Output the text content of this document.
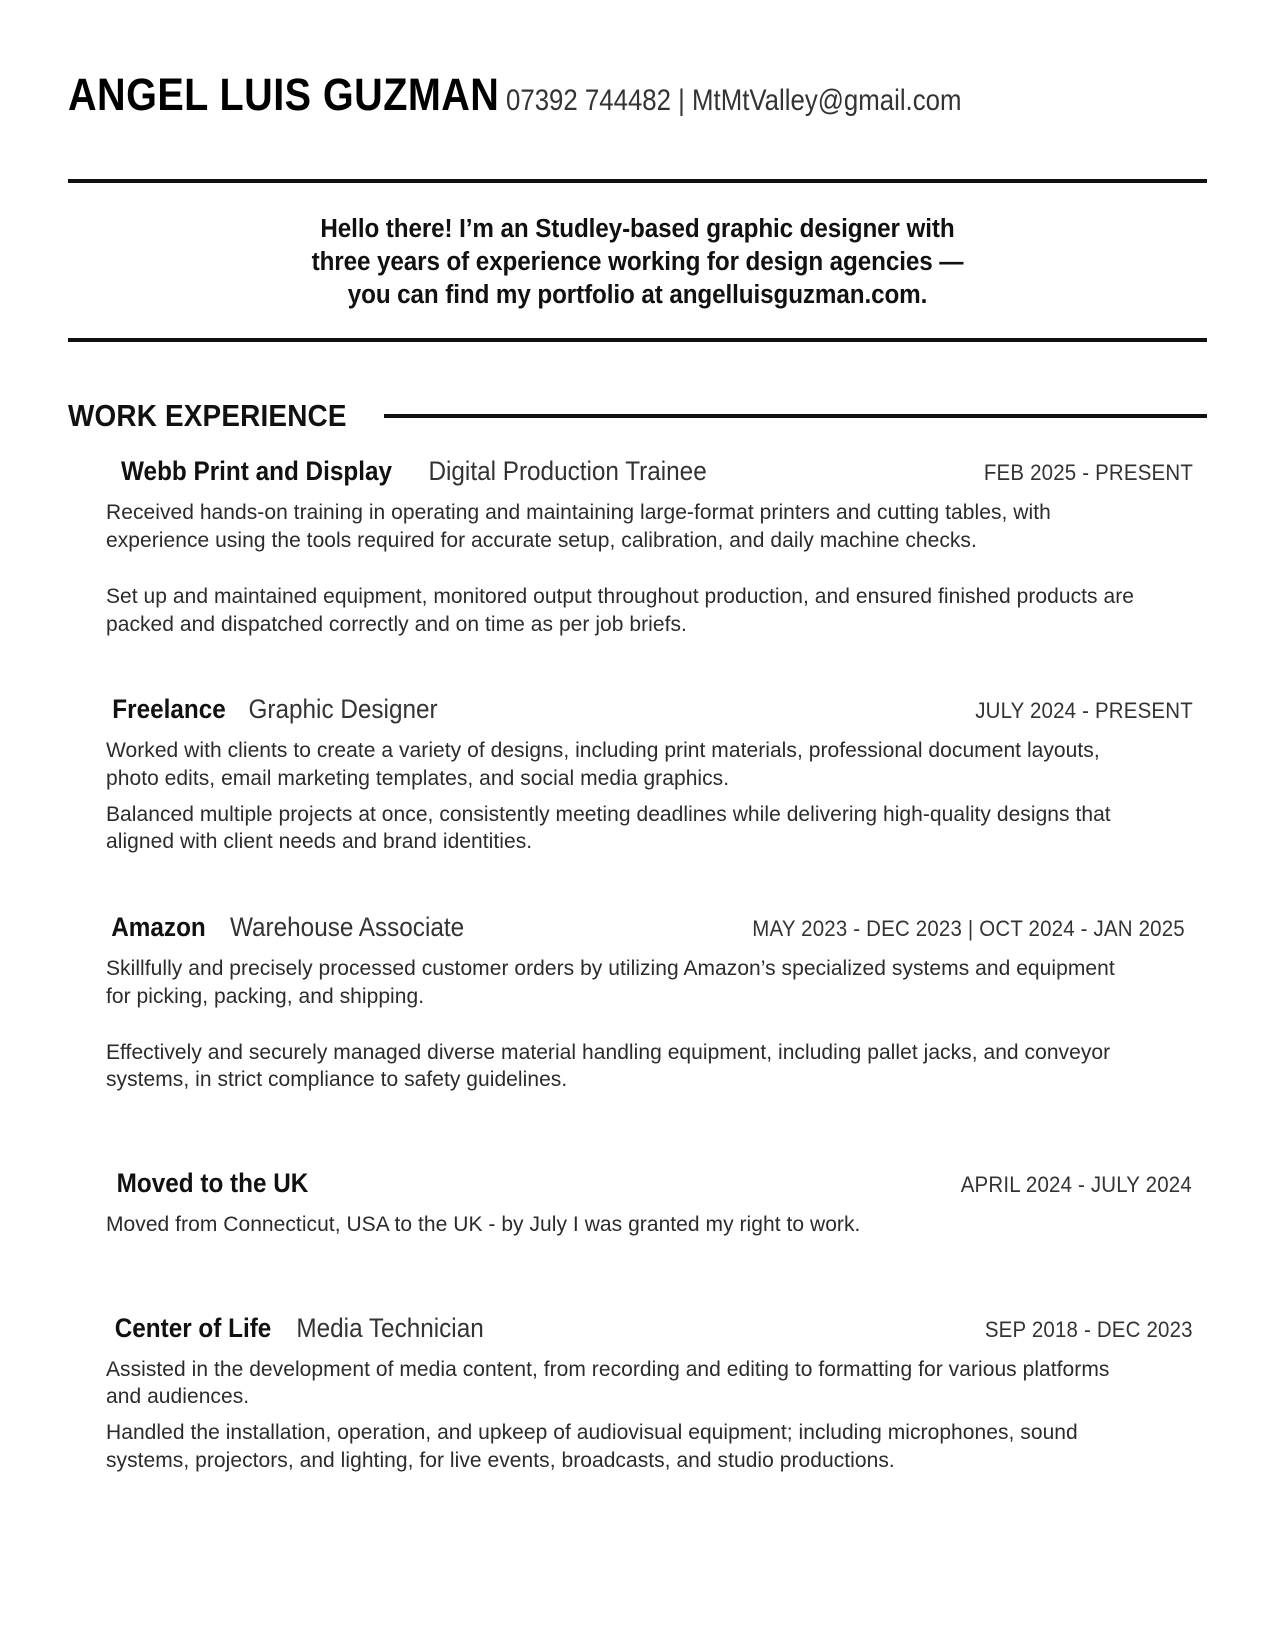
ANGEL LUIS GUZMAN 07392 744482 | MtMtValley@gmail.com
Hello there! I’m an Studley-based graphic designer with
three years of experience working for design agencies —
you can find my portfolio at angelluisguzman.com.
WORK EXPERIENCE
Webb Print and Display Digital Production Trainee	FEB 2025 - PRESENT

Received hands-on training in operating and maintaining large-format printers and cutting tables, with experience using the tools required for accurate setup, calibration, and daily machine checks.

Set up and maintained equipment, monitored output throughout production, and ensured finished products are packed and dispatched correctly and on time as per job briefs.

Freelance Graphic Designer	JULY 2024 - PRESENT

Worked with clients to create a variety of designs, including print materials, professional document layouts, photo edits, email marketing templates, and social media graphics.

Balanced multiple projects at once, consistently meeting deadlines while delivering high-quality designs that aligned with client needs and brand identities.

Amazon Warehouse Associate	MAY 2023 - DEC 2023 | OCT 2024 - JAN 2025

Skillfully and precisely processed customer orders by utilizing Amazon’s specialized systems and equipment for picking, packing, and shipping.

Effectively and securely managed diverse material handling equipment, including pallet jacks, and conveyor systems, in strict compliance to safety guidelines.

Moved to the UK	APRIL 2024 - JULY 2024

Moved from Connecticut, USA to the UK - by July I was granted my right to work.

Center of Life Media Technician	SEP 2018 - DEC 2023

Assisted in the development of media content, from recording and editing to formatting for various platforms and audiences.

Handled the installation, operation, and upkeep of audiovisual equipment; including microphones, sound systems, projectors, and lighting, for live events, broadcasts, and studio productions.
